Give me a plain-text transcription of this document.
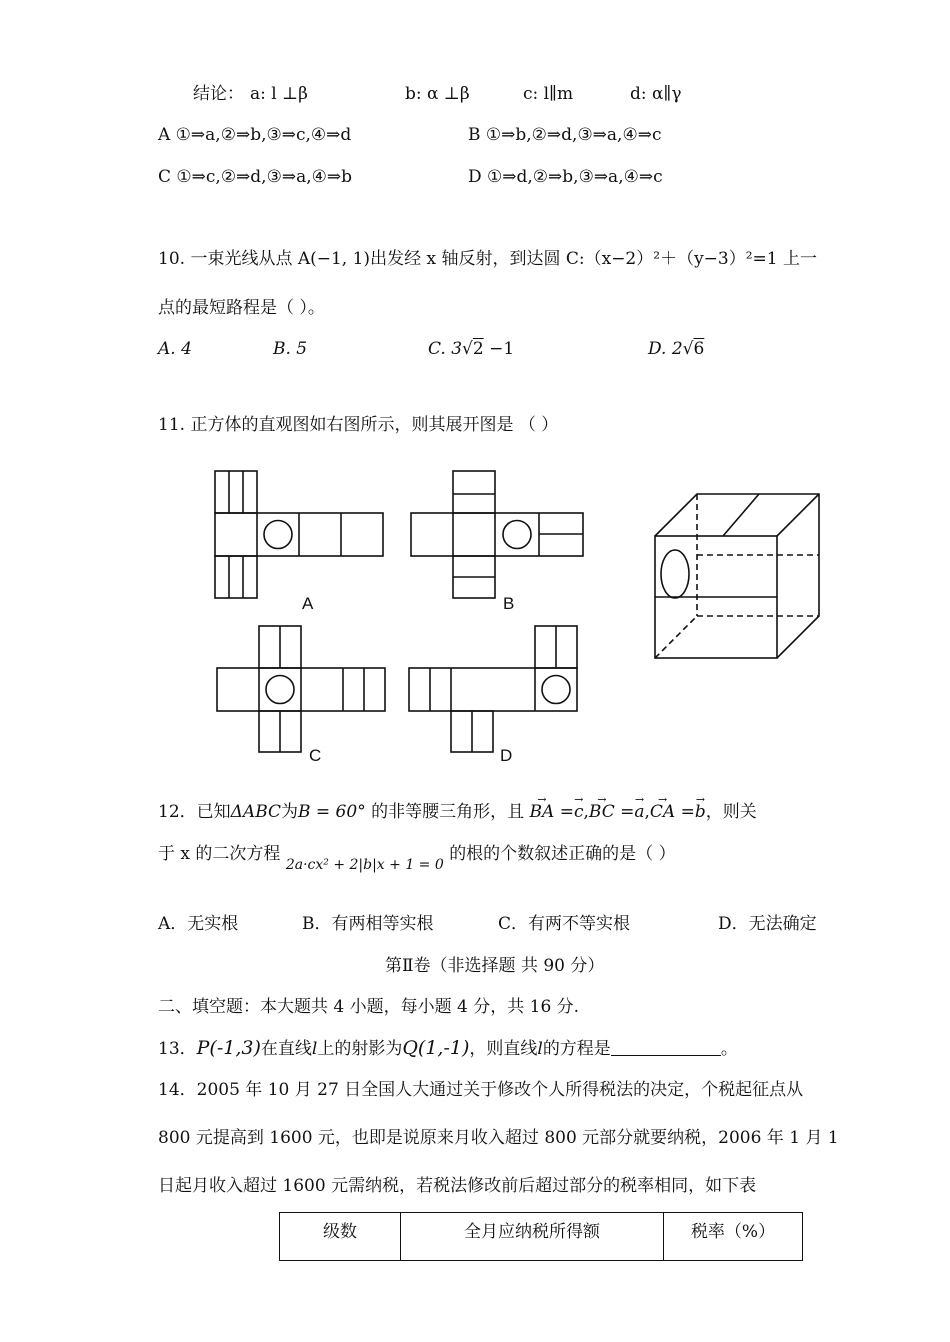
结论： a: l ⊥β	b: α ⊥β	c: l∥m	d: α∥γ
A ①⇒a,②⇒b,③⇒c,④⇒d	B ①⇒b,②⇒d,③⇒a,④⇒c
C ①⇒c,②⇒d,③⇒a,④⇒b	D ①⇒d,②⇒b,③⇒a,④⇒c
10. 一束光线从点 A(−1, 1)出发经 x 轴反射，到达圆 C:（x−2）²＋（y−3）²=1 上一
点的最短路程是（ ）。
A. 4	B. 5	C. 3√2 −1	D. 2√6
11. 正方体的直观图如右图所示，则其展开图是 （ ）
A	B
C	D
12．已知ΔABC为B = 60° 的非等腰三角形，且 → BA =→ c,→ BC =→ a,→ CA =→ b，则关
于 x 的二次方程 $_{2a\cdot cx^2 + 2|b|x + 1 = 0}$ 的根的个数叙述正确的是（ ）
A．无实根	B．有两相等实根	C．有两不等实根	D．无法确定
第Ⅱ卷（非选择题 共 90 分）
二、填空题：本大题共 4 小题，每小题 4 分，共 16 分.
13．P(-1,3)在直线l上的射影为Q(1,-1)，则直线l的方程是	。
14．2005 年 10 月 27 日全国人大通过关于修改个人所得税法的决定，个税起征点从
800 元提高到 1600 元，也即是说原来月收入超过 800 元部分就要纳税，2006 年 1 月 1
日起月收入超过 1600 元需纳税，若税法修改前后超过部分的税率相同，如下表
级数	全月应纳税所得额	税率（%）
